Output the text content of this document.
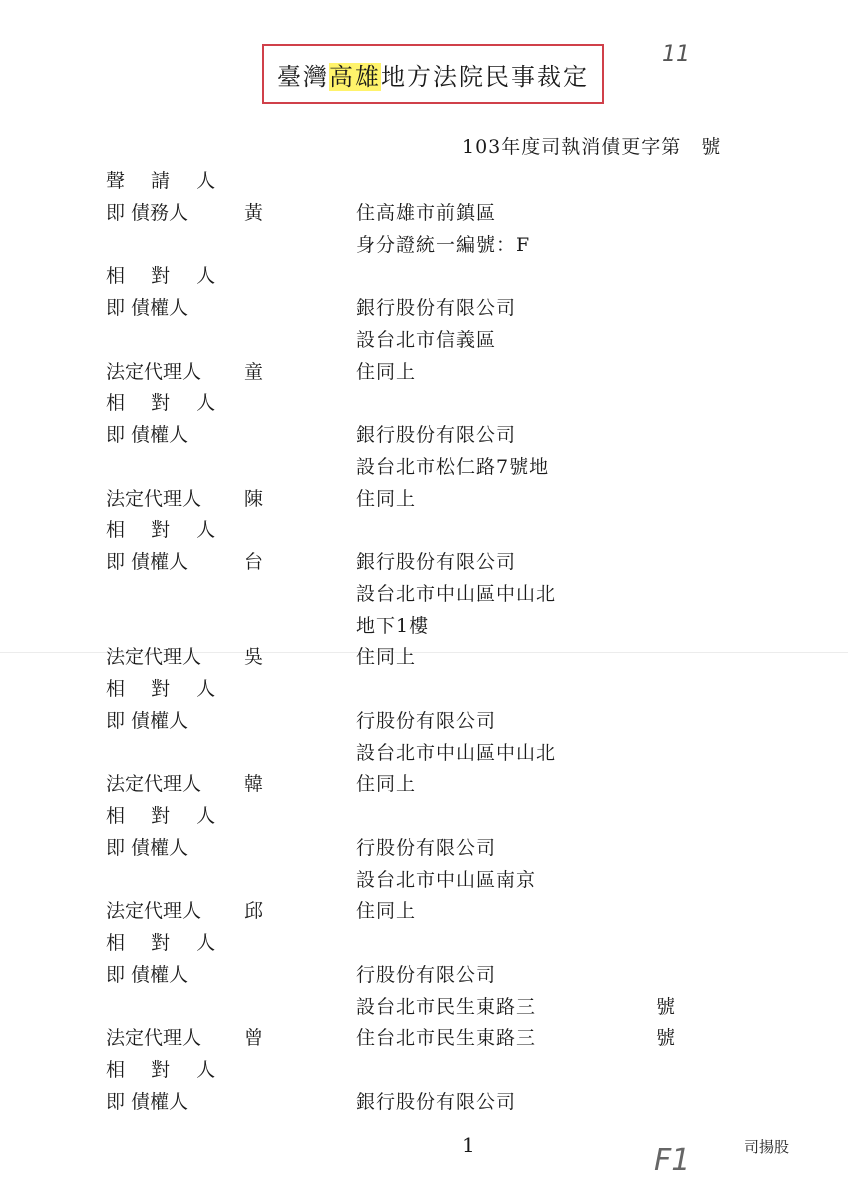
臺灣高雄地方法院民事裁定
11
103年度司執消債更字第　號
聲 請 人
即 債務人	黃	住高雄市前鎮區
身分證統一編號：F
相 對 人
即 債權人	銀行股份有限公司
設台北市信義區
法定代理人 童	住同上
相 對 人
即 債權人	銀行股份有限公司
設台北市松仁路7號地
法定代理人 陳	住同上
相 對 人
即 債權人	台	銀行股份有限公司
設台北市中山區中山北
地下1樓
法定代理人 吳	住同上
相 對 人
即 債權人	行股份有限公司
設台北市中山區中山北
法定代理人 韓	住同上
相 對 人
即 債權人	行股份有限公司
設台北市中山區南京
法定代理人 邱	住同上
相 對 人
即 債權人	行股份有限公司
設台北市民生東路三　　　　　　號
法定代理人 曾	住台北市民生東路三　　　　　　號
相 對 人
即 債權人	銀行股份有限公司
1	F1	司揚股
